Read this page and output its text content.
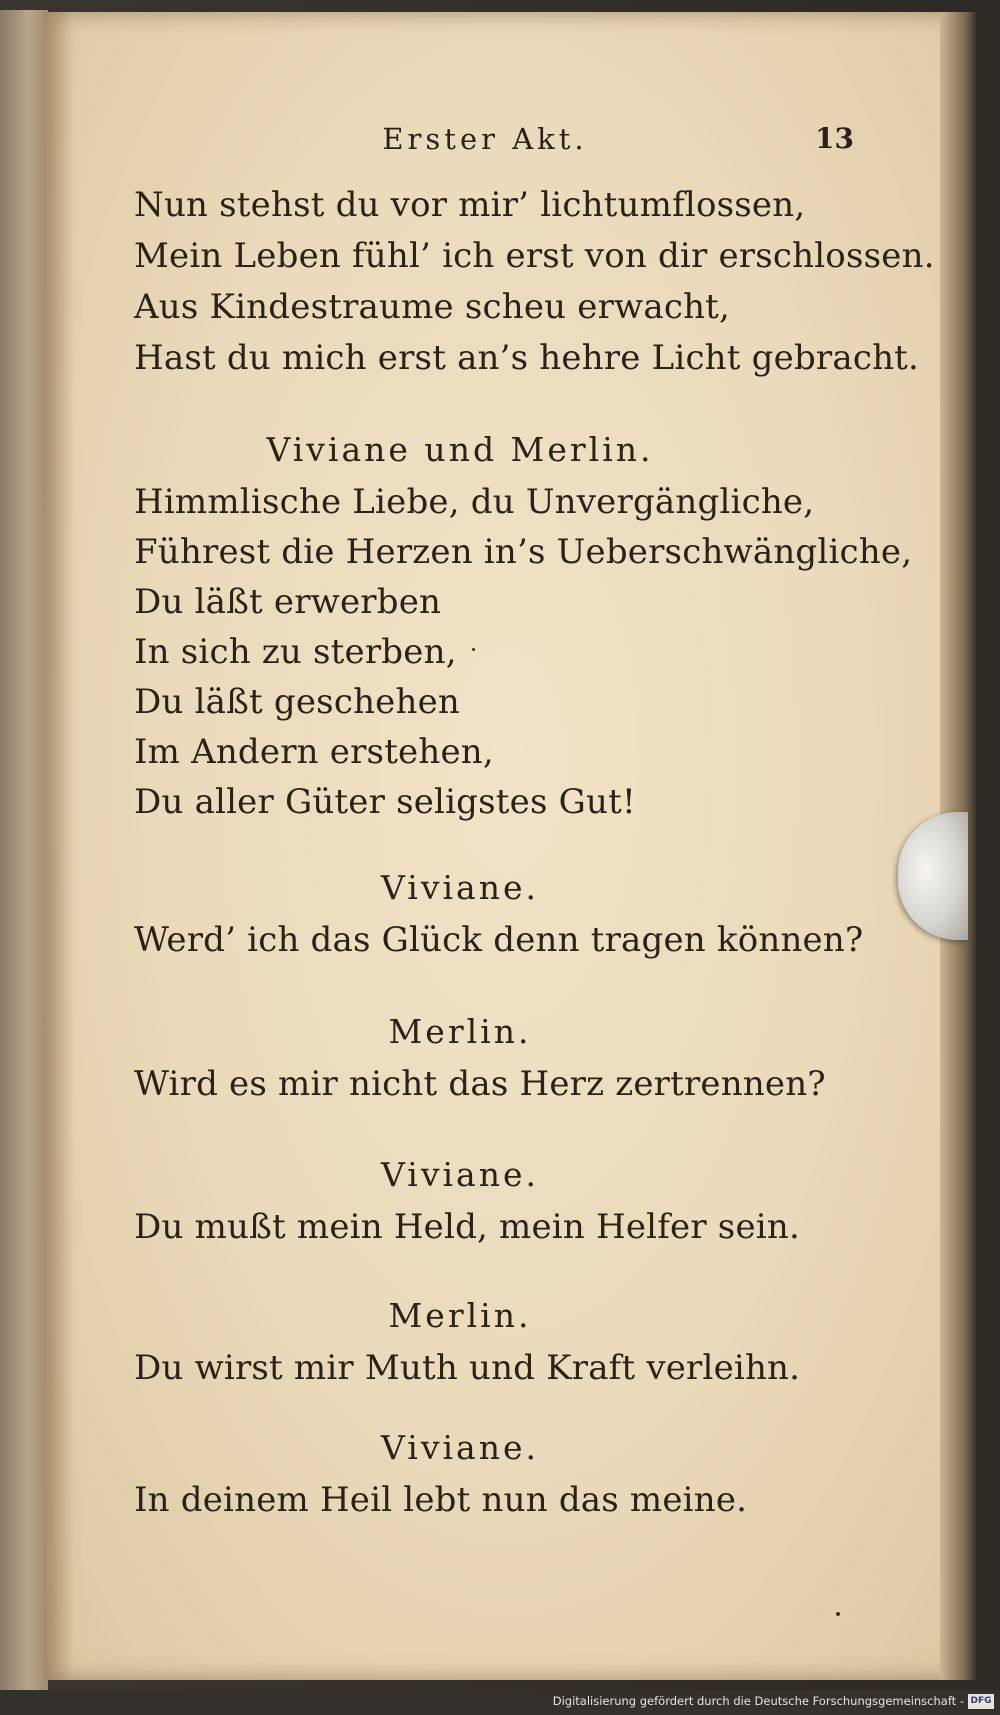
Erster Akt.	13
Nun stehst du vor mir’ lichtumflossen,
Mein Leben fühl’ ich erst von dir erschlossen.
Aus Kindestraume scheu erwacht,
Hast du mich erst an’s hehre Licht gebracht.
Viviane und Merlin.
Himmlische Liebe, du Unvergängliche,
Führest die Herzen in’s Ueberschwängliche,
Du läßt erwerben
In sich zu sterben,
Du läßt geschehen
Im Andern erstehen,
Du aller Güter seligstes Gut!
Viviane.
Werd’ ich das Glück denn tragen können?
Merlin.
Wird es mir nicht das Herz zertrennen?
Viviane.
Du mußt mein Held, mein Helfer sein.
Merlin.
Du wirst mir Muth und Kraft verleihn.
Viviane.
In deinem Heil lebt nun das meine.
Digitalisierung gefördert durch die Deutsche Forschungsgemeinschaft - DFG
